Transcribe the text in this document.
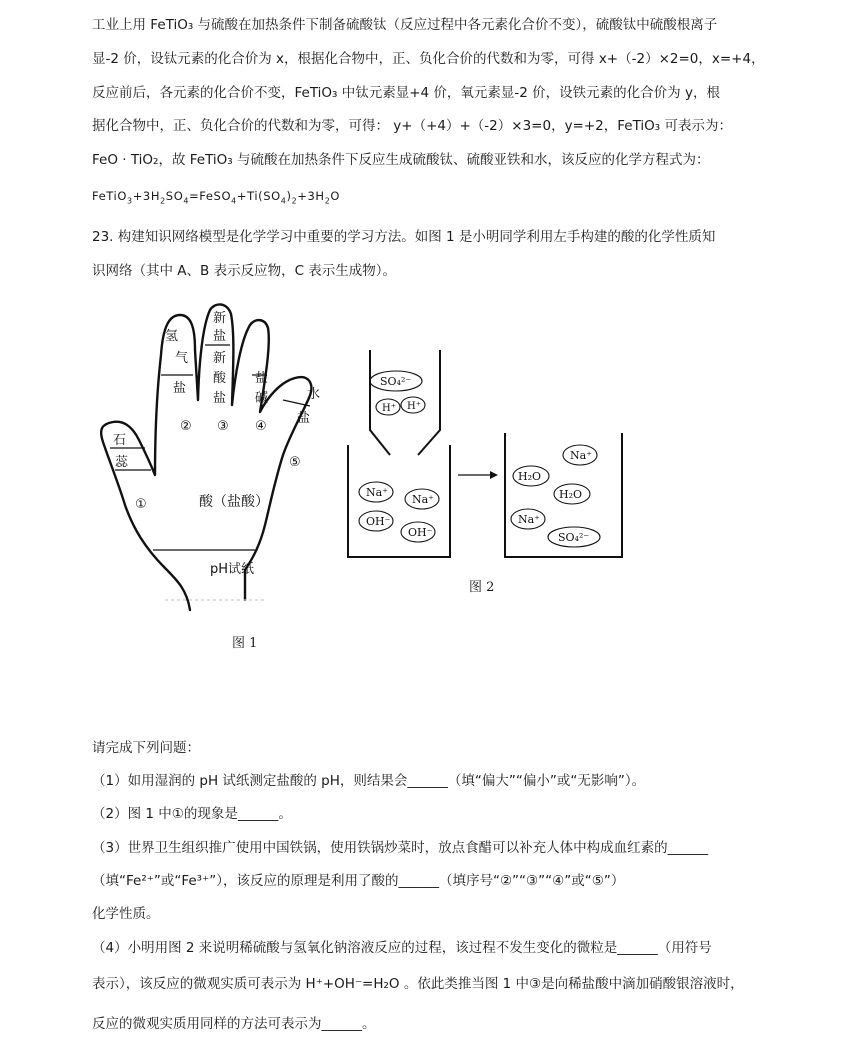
工业上用 FeTiO₃ 与硫酸在加热条件下制备硫酸钛（反应过程中各元素化合价不变），硫酸钛中硫酸根离子
显-2 价，设钛元素的化合价为 x，根据化合物中，正、负化合价的代数和为零，可得 x+（-2）×2=0，x=+4，
反应前后，各元素的化合价不变，FeTiO₃ 中钛元素显+4 价，氧元素显-2 价，设铁元素的化合价为 y，根
据化合物中，正、负化合价的代数和为零，可得： y+（+4）+（-2）×3=0，y=+2，FeTiO₃ 可表示为：
FeO · TiO₂，故 FeTiO₃ 与硫酸在加热条件下反应生成硫酸钛、硫酸亚铁和水，该反应的化学方程式为：
$FeTiO_3+3H_2SO_4=FeSO_4+Ti(SO_4)_2+3H_2O$
23. 构建知识网络模型是化学学习中重要的学习方法。如图 1 是小明同学利用左手构建的酸的化学性质知
识网络（其中 A、B 表示反应物，C 表示生成物）。
氢
气
盐
新
盐
新
酸
盐
盐
碱	水
盐
石
蕊
①
② ③ ④
⑤
酸（盐酸）
pH试纸
图 1
SO₄²⁻
H⁺ H⁺
Na⁺
Na⁺
OH⁻
OH⁻
Na⁺
H₂O
H₂O
Na⁺
SO₄²⁻
图 2
请完成下列问题：
（1）如用湿润的 pH 试纸测定盐酸的 pH，则结果会______（填“偏大”“偏小”或“无影响”）。
（2）图 1 中①的现象是______。
（3）世界卫生组织推广使用中国铁锅，使用铁锅炒菜时，放点食醋可以补充人体中构成血红素的______
（填“Fe²⁺”或“Fe³⁺”），该反应的原理是利用了酸的______（填序号“②”“③”“④”或“⑤”）
化学性质。
（4）小明用图 2 来说明稀硫酸与氢氧化钠溶液反应的过程，该过程不发生变化的微粒是______（用符号
表示），该反应的微观实质可表示为 H⁺+OH⁻=H₂O 。依此类推当图 1 中③是向稀盐酸中滴加硝酸银溶液时，
反应的微观实质用同样的方法可表示为______。
